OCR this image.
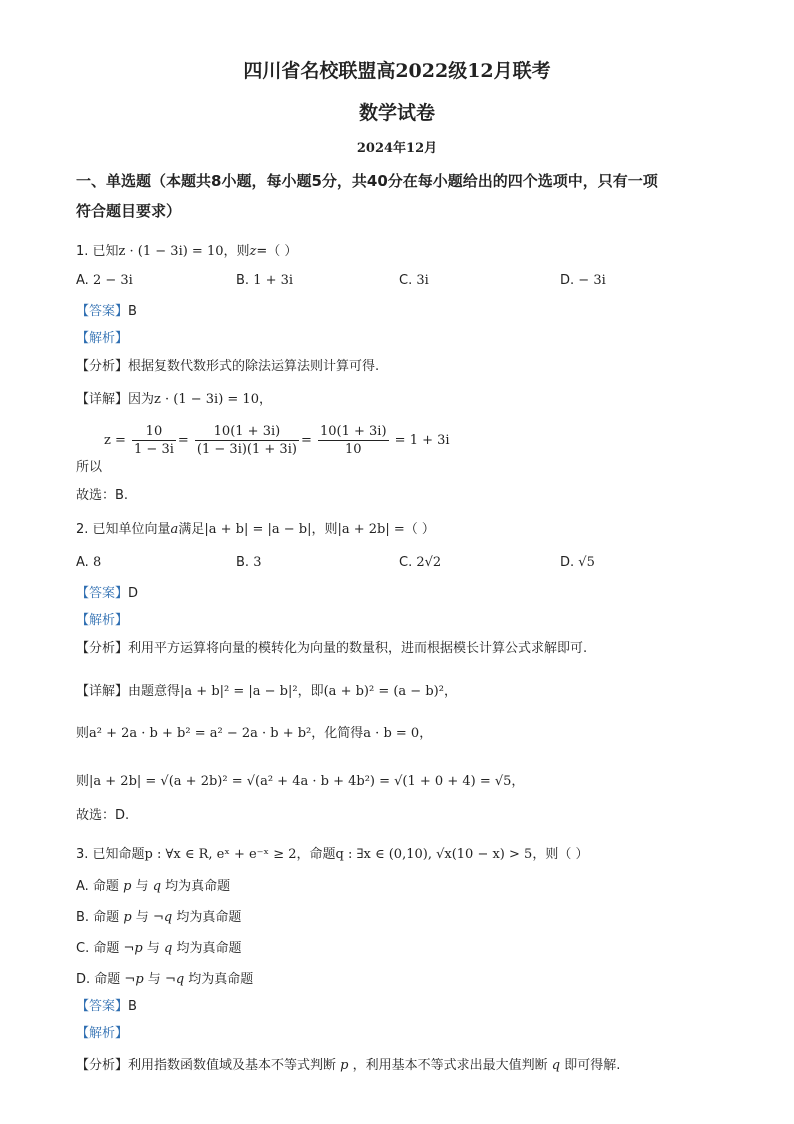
四川省名校联盟高2022级12月联考
数学试卷
2024年12月
一、单选题（本题共8小题，每小题5分，共40分在每小题给出的四个选项中，只有一项
符合题目要求）
1. 已知z · (1 − 3i) = 10，则z=（ ）
A. 2 − 3i	B. 1 + 3i	C. 3i	D. − 3i
【答案】B
【解析】
【分析】根据复数代数形式的除法运算法则计算可得.
【详解】因为z · (1 − 3i) = 10，
$z = \frac{10}{1 - 3i} = \frac{10(1 + 3i)}{(1 - 3i)(1 + 3i)} = \frac{10(1 + 3i)}{10} = 1 + 3i$
所以
故选：B.
2. 已知单位向量a满足|a + b| = |a − b|，则|a + 2b| =（ ）
A. 8	B. 3	C. 2√2	D. √5
【答案】D
【解析】
【分析】利用平方运算将向量的模转化为向量的数量积，进而根据模长计算公式求解即可.
【详解】由题意得|a + b|² = |a − b|²，即(a + b)² = (a − b)²，
则a² + 2a · b + b² = a² − 2a · b + b²，化简得a · b = 0，
则|a + 2b| = √(a + 2b)² = √(a² + 4a · b + 4b²) = √(1 + 0 + 4) = √5，
故选：D.
3. 已知命题p : ∀x ∈ R, eˣ + e⁻ˣ ≥ 2，命题q : ∃x ∈ (0,10), √x(10 − x) > 5，则（ ）
A. 命题 p 与 q 均为真命题
B. 命题 p 与 ¬q 均为真命题
C. 命题 ¬p 与 q 均为真命题
D. 命题 ¬p 与 ¬q 均为真命题
【答案】B
【解析】
【分析】利用指数函数值域及基本不等式判断 p ，利用基本不等式求出最大值判断 q 即可得解.
